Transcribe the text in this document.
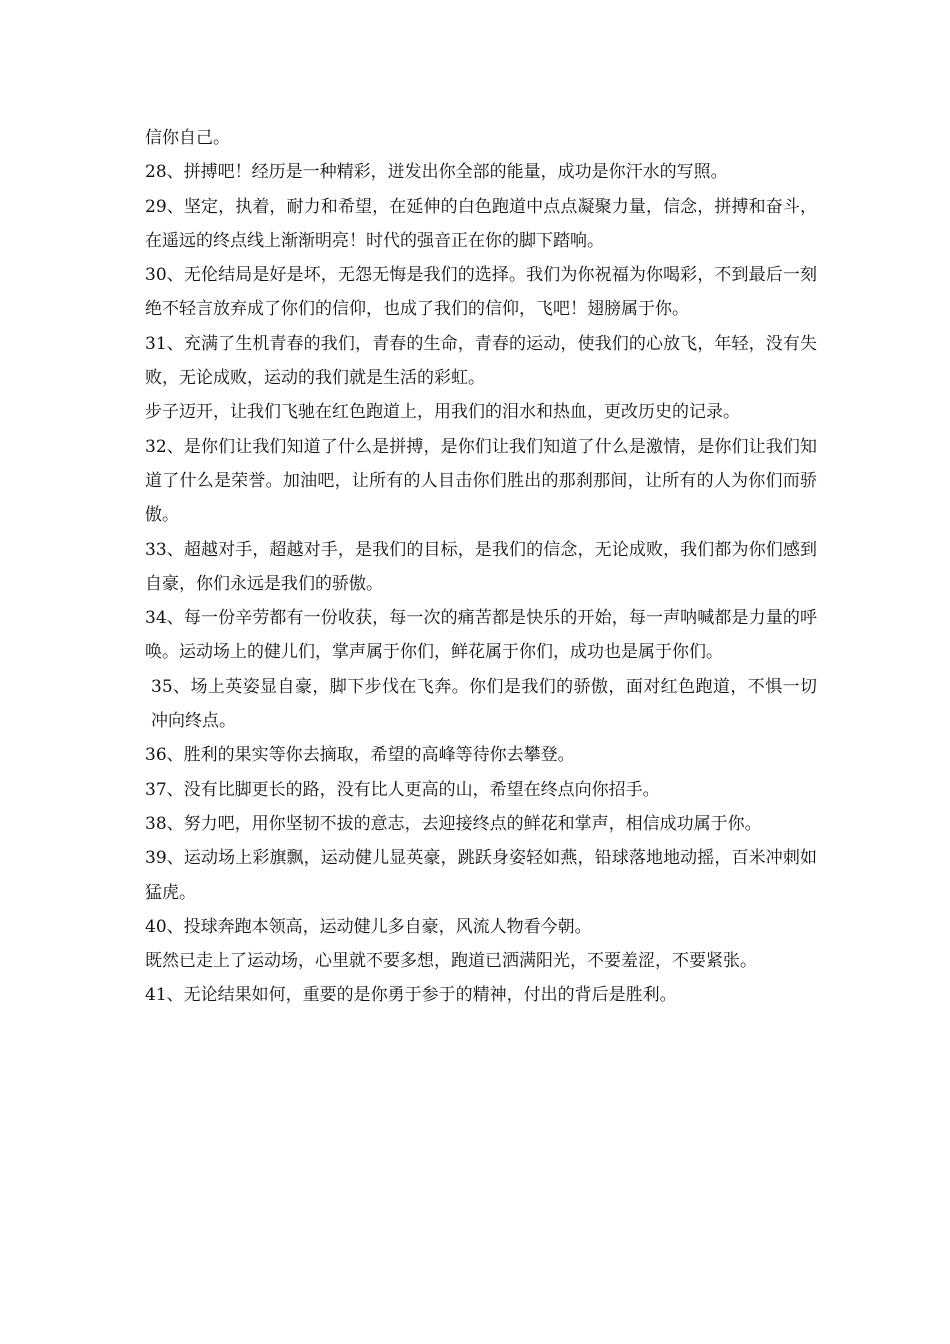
信你自己。

28、拼搏吧！经历是一种精彩，迸发出你全部的能量，成功是你汗水的写照。

29、坚定，执着，耐力和希望，在延伸的白色跑道中点点凝聚力量，信念，拼搏和奋斗，在遥远的终点线上渐渐明亮！时代的强音正在你的脚下踏响。

30、无伦结局是好是坏，无怨无悔是我们的选择。我们为你祝福为你喝彩，不到最后一刻绝不轻言放弃成了你们的信仰，也成了我们的信仰，飞吧！翅膀属于你。

31、充满了生机青春的我们，青春的生命，青春的运动，使我们的心放飞，年轻，没有失败，无论成败，运动的我们就是生活的彩虹。

步子迈开，让我们飞驰在红色跑道上，用我们的泪水和热血，更改历史的记录。

32、是你们让我们知道了什么是拼搏，是你们让我们知道了什么是激情，是你们让我们知道了什么是荣誉。加油吧，让所有的人目击你们胜出的那刹那间，让所有的人为你们而骄傲。

33、超越对手，超越对手，是我们的目标，是我们的信念，无论成败，我们都为你们感到自豪，你们永远是我们的骄傲。

34、每一份辛劳都有一份收获，每一次的痛苦都是快乐的开始，每一声呐喊都是力量的呼唤。运动场上的健儿们，掌声属于你们，鲜花属于你们，成功也是属于你们。

35、场上英姿显自豪，脚下步伐在飞奔。你们是我们的骄傲，面对红色跑道，不惧一切冲向终点。

36、胜利的果实等你去摘取，希望的高峰等待你去攀登。

37、没有比脚更长的路，没有比人更高的山，希望在终点向你招手。

38、努力吧，用你坚韧不拔的意志，去迎接终点的鲜花和掌声，相信成功属于你。

39、运动场上彩旗飘，运动健儿显英豪，跳跃身姿轻如燕，铅球落地地动摇，百米冲刺如猛虎。

40、投球奔跑本领高，运动健儿多自豪，风流人物看今朝。

既然已走上了运动场，心里就不要多想，跑道已洒满阳光，不要羞涩，不要紧张。

41、无论结果如何，重要的是你勇于参于的精神，付出的背后是胜利。
